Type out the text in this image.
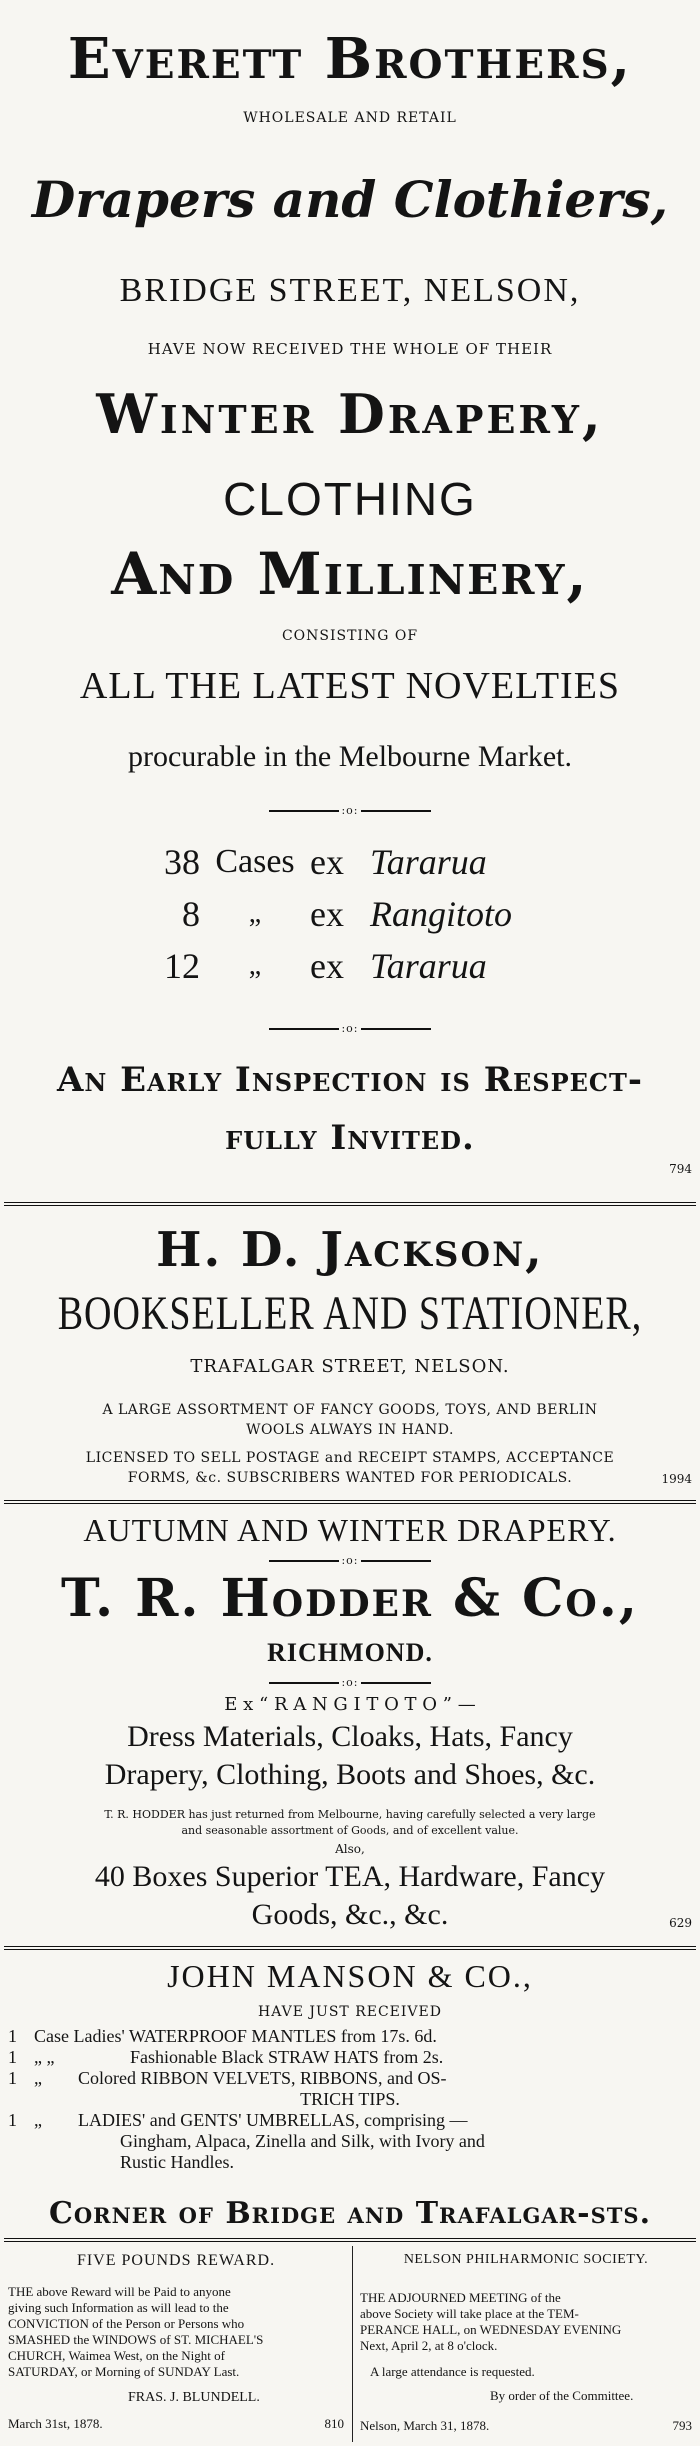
Everett Brothers,
WHOLESALE AND RETAIL
Drapers and Clothiers,
BRIDGE STREET, NELSON,
HAVE NOW RECEIVED THE WHOLE OF THEIR
Winter Drapery,
CLOTHING
And Millinery,
CONSISTING OF
ALL THE LATEST NOVELTIES
procurable in the Melbourne Market.
:o:
38 Cases ex Tararua
8	„	ex Rangitoto
12	„	ex Tararua
:o:
An Early Inspection is Respect-
fully Invited.
794
H. D. Jackson,
BOOKSELLER AND STATIONER,
TRAFALGAR STREET, NELSON.
A LARGE ASSORTMENT OF FANCY GOODS, TOYS, AND BERLIN
WOOLS ALWAYS IN HAND.
LICENSED TO SELL POSTAGE and RECEIPT STAMPS, ACCEPTANCE
FORMS, &c. SUBSCRIBERS WANTED FOR PERIODICALS.	1994
AUTUMN AND WINTER DRAPERY.
:o:
T. R. Hodder & Co.,
RICHMOND.
:o:
E x “ R A N G I T O T O ” —
Dress Materials, Cloaks, Hats, Fancy
Drapery, Clothing, Boots and Shoes, &c.
T. R. HODDER has just returned from Melbourne, having carefully selected a very large
and seasonable assortment of Goods, and of excellent value.
Also,
40 Boxes Superior TEA, Hardware, Fancy
Goods, &c., &c.	629
JOHN MANSON & CO.,
HAVE JUST RECEIVED
1 Case Ladies' WATERPROOF MANTLES from 17s. 6d.
1 „ „	Fashionable Black STRAW HATS from 2s.
1 „	Colored RIBBON VELVETS, RIBBONS, and OS-
TRICH TIPS.
1 „	LADIES' and GENTS' UMBRELLAS, comprising —
Gingham, Alpaca, Zinella and Silk, with Ivory and
Rustic Handles.
Corner of Bridge and Trafalgar-sts.
FIVE POUNDS REWARD.
THE above Reward will be Paid to anyone
giving such Information as will lead to the
CONVICTION of the Person or Persons who
SMASHED the WINDOWS of ST. MICHAEL'S
CHURCH, Waimea West, on the Night of
SATURDAY, or Morning of SUNDAY Last.
FRAS. J. BLUNDELL.
March 31st, 1878.	810
NELSON PHILHARMONIC SOCIETY.
THE ADJOURNED MEETING of the
above Society will take place at the TEM-
PERANCE HALL, on WEDNESDAY EVENING
Next, April 2, at 8 o'clock.
A large attendance is requested.
By order of the Committee.
Nelson, March 31, 1878.	793
